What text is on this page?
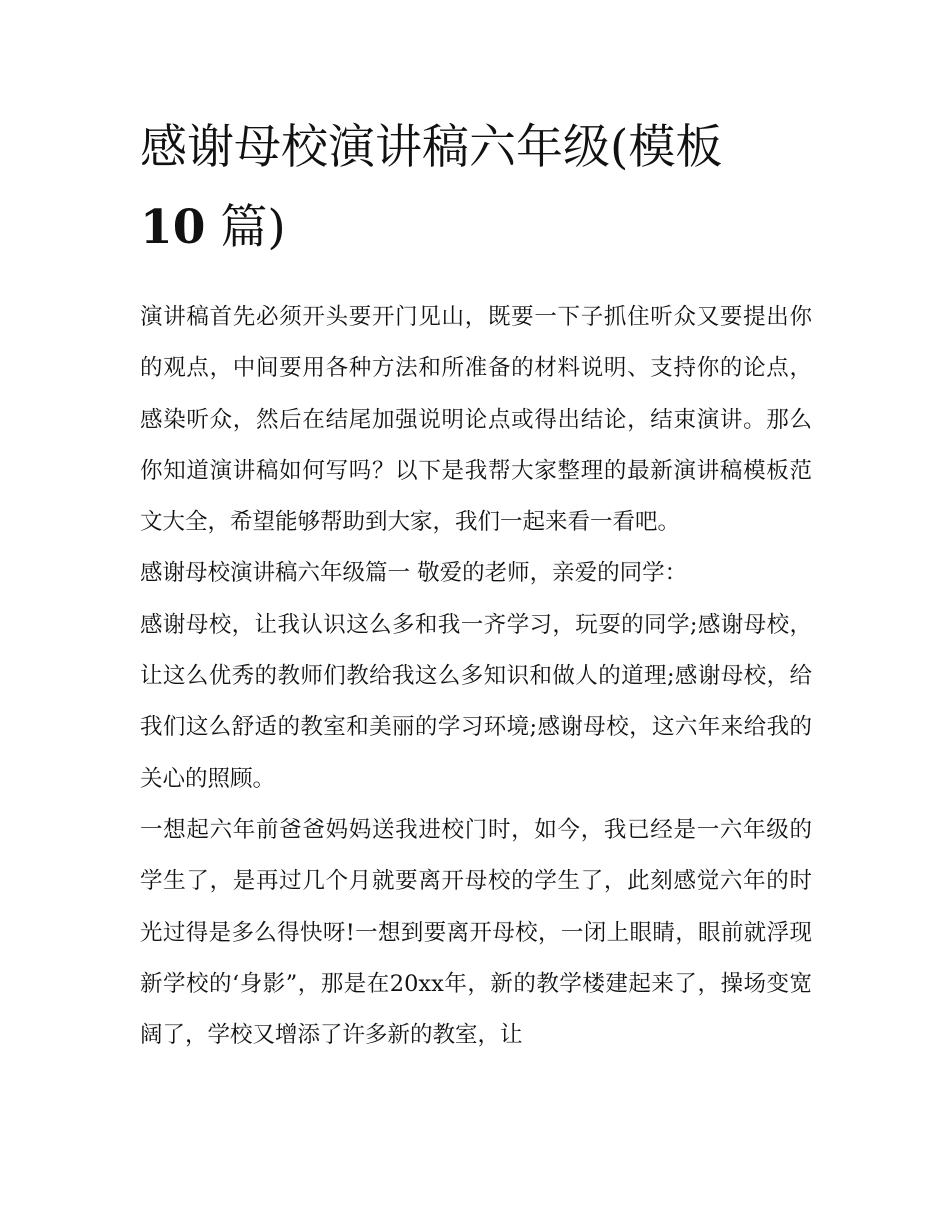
感谢母校演讲稿六年级(模板
10 篇)

演讲稿首先必须开头要开门见山，既要一下子抓住听众又要提出你的观点，中间要用各种方法和所准备的材料说明、支持你的论点，感染听众，然后在结尾加强说明论点或得出结论，结束演讲。那么你知道演讲稿如何写吗？以下是我帮大家整理的最新演讲稿模板范文大全，希望能够帮助到大家，我们一起来看一看吧。

感谢母校演讲稿六年级篇一 敬爱的老师，亲爱的同学：

感谢母校，让我认识这么多和我一齐学习，玩耍的同学;感谢母校，让这么优秀的教师们教给我这么多知识和做人的道理;感谢母校，给我们这么舒适的教室和美丽的学习环境;感谢母校，这六年来给我的关心的照顾。

一想起六年前爸爸妈妈送我进校门时，如今，我已经是一六年级的学生了，是再过几个月就要离开母校的学生了，此刻感觉六年的时光过得是多么得快呀!一想到要离开母校，一闭上眼睛，眼前就浮现新学校的‘身影”，那是在20xx年，新的教学楼建起来了，操场变宽阔了，学校又增添了许多新的教室，让
